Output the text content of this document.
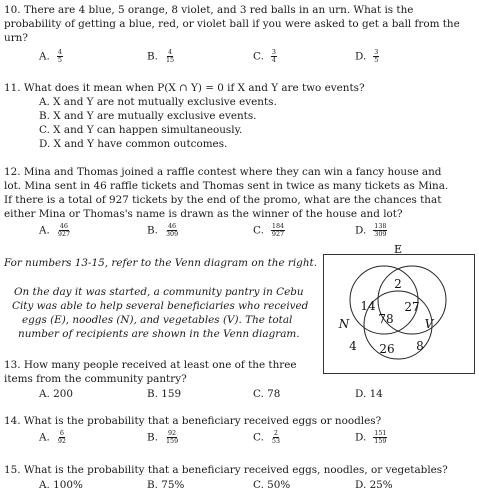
10. There are 4 blue, 5 orange, 8 violet, and 3 red balls in an urn. What is the
probability of getting a blue, red, or violet ball if you were asked to get a ball from the
urn?
A. $\frac{4}{5}$	B. $\frac{4}{15}$	C. $\frac{3}{4}$	D. $\frac{3}{5}$
11. What does it mean when P(X ∩ Y) = 0 if X and Y are two events?
A. X and Y are not mutually exclusive events.
B. X and Y are mutually exclusive events.
C. X and Y can happen simultaneously.
D. X and Y have common outcomes.
12. Mina and Thomas joined a raffle contest where they can win a fancy house and
lot. Mina sent in 46 raffle tickets and Thomas sent in twice as many tickets as Mina.
If there is a total of 927 tickets by the end of the promo, what are the chances that
either Mina or Thomas's name is drawn as the winner of the house and lot?
A. $\frac{46}{927}$	B. $\frac{46}{309}$	C. $\frac{184}{927}$	D. $\frac{138}{309}$
For numbers 13-15, refer to the Venn diagram on the right.
On the day it was started, a community pantry in Cebu
City was able to help several beneficiaries who received
eggs (E), noodles (N), and vegetables (V). The total
number of recipients are shown in the Venn diagram.
E
2
14 27
78
N	V
4 26 8
13. How many people received at least one of the three
items from the community pantry?
A. 200	B. 159	C. 78	D. 14
14. What is the probability that a beneficiary received eggs or noodles?
A. $\frac{6}{92}$	B. $\frac{92}{159}$	C. $\frac{2}{53}$	D. $\frac{151}{159}$
15. What is the probability that a beneficiary received eggs, noodles, or vegetables?
A. 100%	B. 75%	C. 50%	D. 25%
